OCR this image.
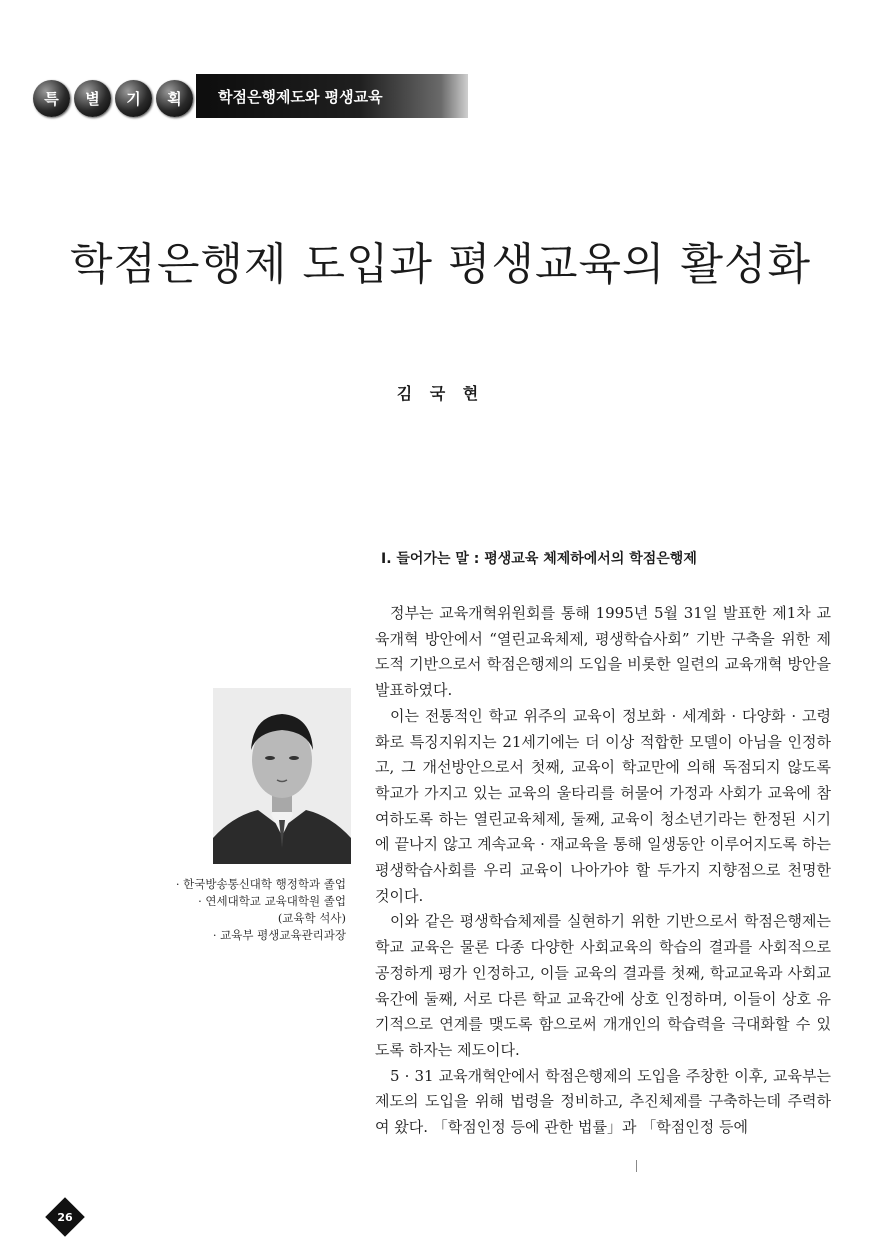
특	별	기	획	학점은행제도와 평생교육
학점은행제 도입과 평생교육의 활성화

김 국 현

· 한국방송통신대학 행정학과 졸업
· 연세대학교 교육대학원 졸업
(교육학 석사)
· 교육부 평생교육관리과장
Ⅰ. 들어가는 말 : 평생교육 체제하에서의 학점은행제

정부는 교육개혁위원회를 통해 1995년 5월 31일 발표한 제1차 교육개혁 방안에서 “열린교육체제, 평생학습사회” 기반 구축을 위한 제도적 기반으로서 학점은행제의 도입을 비롯한 일련의 교육개혁 방안을 발표하였다.

이는 전통적인 학교 위주의 교육이 정보화 · 세계화 · 다양화 · 고령화로 특징지워지는 21세기에는 더 이상 적합한 모델이 아님을 인정하고, 그 개선방안으로서 첫째, 교육이 학교만에 의해 독점되지 않도록 학교가 가지고 있는 교육의 울타리를 허물어 가정과 사회가 교육에 참여하도록 하는 열린교육체제, 둘째, 교육이 청소년기라는 한정된 시기에 끝나지 않고 계속교육 · 재교육을 통해 일생동안 이루어지도록 하는 평생학습사회를 우리 교육이 나아가야 할 두가지 지향점으로 천명한 것이다.

이와 같은 평생학습체제를 실현하기 위한 기반으로서 학점은행제는 학교 교육은 물론 다종 다양한 사회교육의 학습의 결과를 사회적으로 공정하게 평가 인정하고, 이들 교육의 결과를 첫째, 학교교육과 사회교육간에 둘째, 서로 다른 학교 교육간에 상호 인정하며, 이들이 상호 유기적으로 연계를 맺도록 함으로써 개개인의 학습력을 극대화할 수 있도록 하자는 제도이다.

5 · 31 교육개혁안에서 학점은행제의 도입을 주창한 이후, 교육부는 제도의 도입을 위해 법령을 정비하고, 추진체제를 구축하는데 주력하여 왔다. 「학점인정 등에 관한 법률」과 「학점인정 등에

26
